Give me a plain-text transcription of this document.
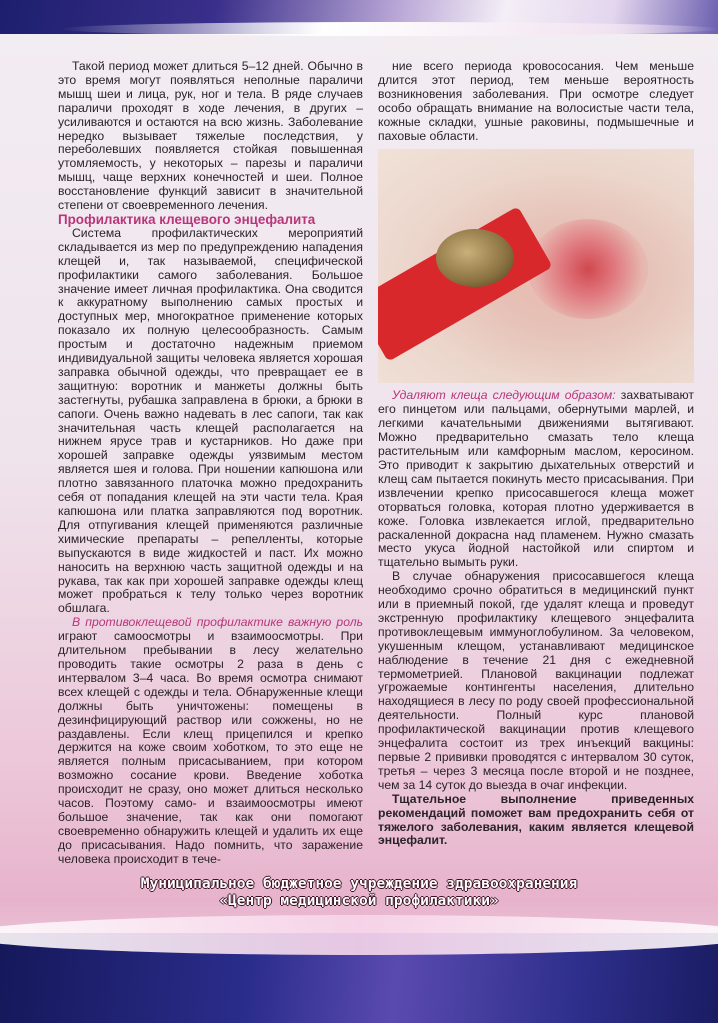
Такой период может длиться 5–12 дней. Обычно в это время могут появляться неполные параличи мышц шеи и лица, рук, ног и тела. В ряде случаев параличи проходят в ходе лечения, в других – усиливаются и остаются на всю жизнь. Заболевание нередко вызывает тяжелые последствия, у переболевших появляется стойкая повышенная утомляемость, у некоторых – парезы и параличи мышц, чаще верхних конечностей и шеи. Полное восстановление функций зависит в значительной степени от своевременного лечения.

Профилактика клещевого энцефалита

Система профилактических мероприятий складывается из мер по предупреждению нападения клещей и, так называемой, специфической профилактики самого заболевания. Большое значение имеет личная профилактика. Она сводится к аккуратному выполнению самых простых и доступных мер, многократное применение которых показало их полную целесообразность. Самым простым и достаточно надежным приемом индивидуальной защиты человека является хорошая заправка обычной одежды, что превращает ее в защитную: воротник и манжеты должны быть застегнуты, рубашка заправлена в брюки, а брюки в сапоги. Очень важно надевать в лес сапоги, так как значительная часть клещей располагается на нижнем ярусе трав и кустарников. Но даже при хорошей заправке одежды уязвимым местом является шея и голова. При ношении капюшона или плотно завязанного платочка можно предохранить себя от попадания клещей на эти части тела. Края капюшона или платка заправляются под воротник. Для отпугивания клещей применяются различные химические препараты – репелленты, которые выпускаются в виде жидкостей и паст. Их можно наносить на верхнюю часть защитной одежды и на рукава, так как при хорошей заправке одежды клещ может пробраться к телу только через воротник обшлага.

В противоклещевой профилактике важную роль играют самоосмотры и взаимоосмотры. При длительном пребывании в лесу желательно проводить такие осмотры 2 раза в день с интервалом 3–4 часа. Во время осмотра снимают всех клещей с одежды и тела. Обнаруженные клещи должны быть уничтожены: помещены в дезинфицирующий раствор или сожжены, но не раздавлены. Если клещ прицепился и крепко держится на коже своим хоботком, то это еще не является полным присасыванием, при котором возможно сосание крови. Введение хоботка происходит не сразу, оно может длиться несколько часов. Поэтому само- и взаимоосмотры имеют большое значение, так как они помогают своевременно обнаружить клещей и удалить их еще до присасывания. Надо помнить, что заражение человека происходит в тече-

ние всего периода кровососания. Чем меньше длится этот период, тем меньше вероятность возникновения заболевания. При осмотре следует особо обращать внимание на волосистые части тела, кожные складки, ушные раковины, подмышечные и паховые области.

Удаляют клеща следующим образом: захватывают его пинцетом или пальцами, обернутыми марлей, и легкими качательными движениями вытягивают. Можно предварительно смазать тело клеща растительным или камфорным маслом, керосином. Это приводит к закрытию дыхательных отверстий и клещ сам пытается покинуть место присасывания. При извлечении крепко присосавшегося клеща может оторваться головка, которая плотно удерживается в коже. Головка извлекается иглой, предварительно раскаленной докрасна над пламенем. Нужно смазать место укуса йодной настойкой или спиртом и тщательно вымыть руки.

В случае обнаружения присосавшегося клеща необходимо срочно обратиться в медицинский пункт или в приемный покой, где удалят клеща и проведут экстренную профилактику клещевого энцефалита противоклещевым иммуноглобулином. За человеком, укушенным клещом, устанавливают медицинское наблюдение в течение 21 дня с ежедневной термометрией. Плановой вакцинации подлежат угрожаемые контингенты населения, длительно находящиеся в лесу по роду своей профессиональной деятельности. Полный курс плановой профилактической вакцинации против клещевого энцефалита состоит из трех инъекций вакцины: первые 2 прививки проводятся с интервалом 30 суток, третья – через 3 месяца после второй и не позднее, чем за 14 суток до выезда в очаг инфекции.

Тщательное выполнение приведенных рекомендаций поможет вам предохранить себя от тяжелого заболевания, каким является клещевой энцефалит.

Муниципальное бюджетное учреждение здравоохранения
«Центр медицинской профилактики»
